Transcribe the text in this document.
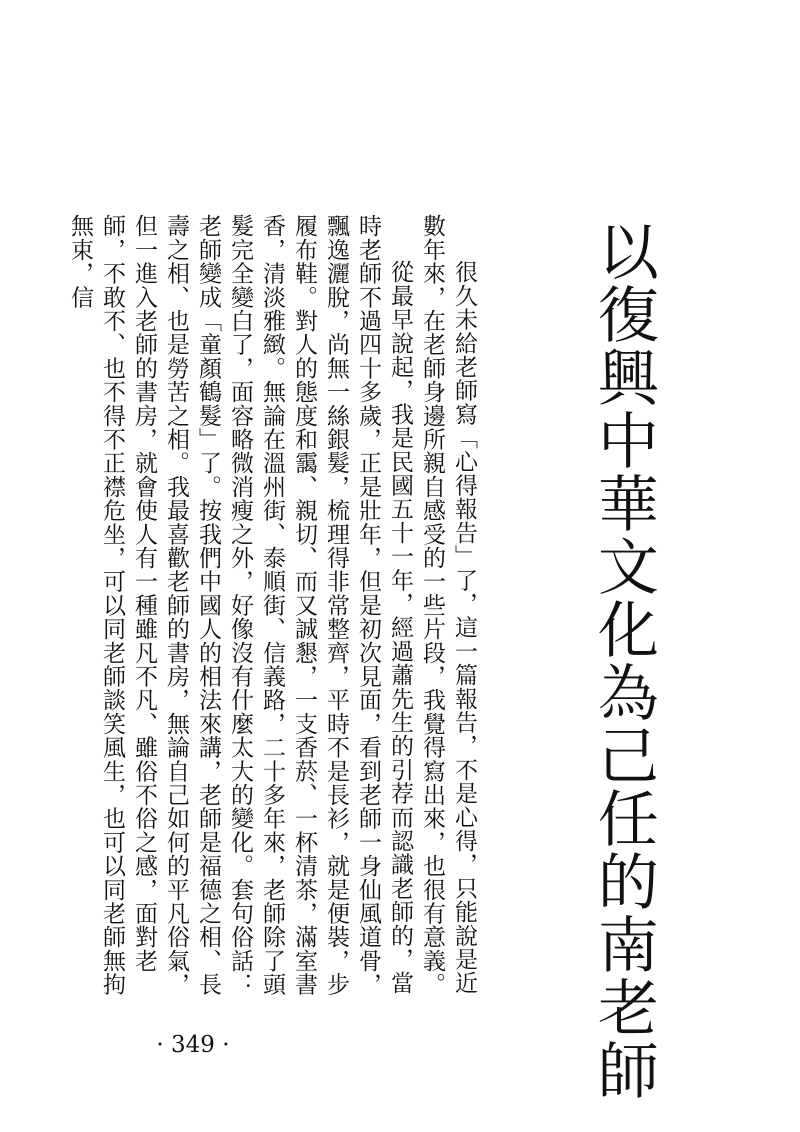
以復興中華文化為己任的南老師

很久未給老師寫「心得報告」了，這一篇報告，不是心得，只能說是近數年來，在老師身邊所親自感受的一些片段，我覺得寫出來，也很有意義。

從最早說起，我是民國五十一年，經過蕭先生的引荐而認識老師的，當時老師不過四十多歲，正是壯年，但是初次見面，看到老師一身仙風道骨，飄逸灑脫，尚無一絲銀髮，梳理得非常整齊，平時不是長衫，就是便裝，步履布鞋。對人的態度和靄、親切、而又誠懇，一支香菸、一杯清茶，滿室書香，清淡雅緻。無論在溫州街、泰順街、信義路，二十多年來，老師除了頭髮完全變白了，面容略微消瘦之外，好像沒有什麼太大的變化。套句俗話：老師變成「童顏鶴髮」了。按我們中國人的相法來講，老師是福德之相、長壽之相、也是勞苦之相。我最喜歡老師的書房，無論自己如何的平凡俗氣，但一進入老師的書房，就會使人有一種雖凡不凡、雖俗不俗之感，面對老師，不敢不、也不得不正襟危坐，可以同老師談笑風生，也可以同老師無拘無束，信

· 349 ·
